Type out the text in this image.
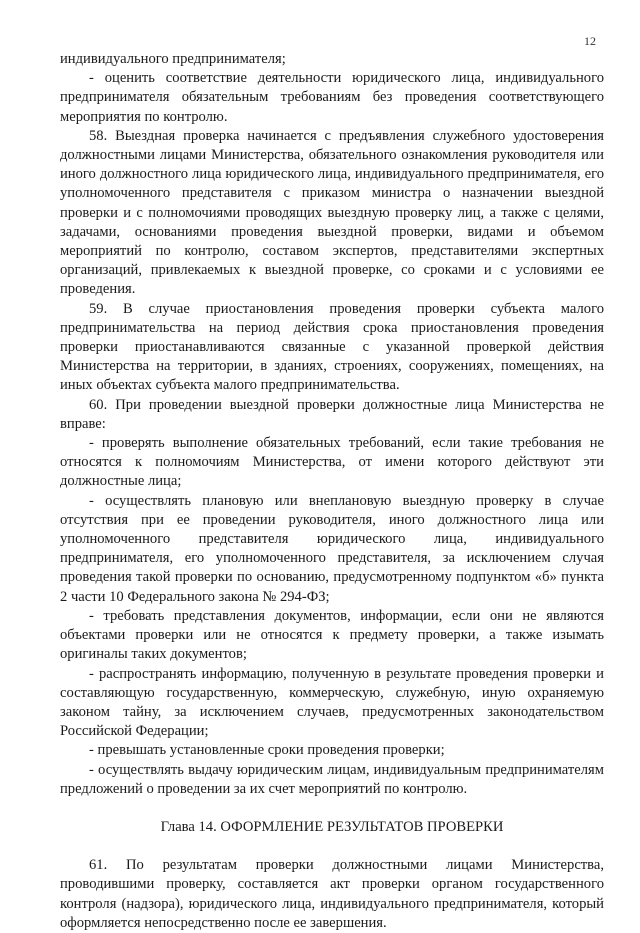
12

индивидуального предпринимателя;

- оценить соответствие деятельности юридического лица, индивидуального предпринимателя обязательным требованиям без проведения соответствующего мероприятия по контролю.

58. Выездная проверка начинается с предъявления служебного удостоверения должностными лицами Министерства, обязательного ознакомления руководителя или иного должностного лица юридического лица, индивидуального предпринимателя, его уполномоченного представителя с приказом министра о назначении выездной проверки и с полномочиями проводящих выездную проверку лиц, а также с целями, задачами, основаниями проведения выездной проверки, видами и объемом мероприятий по контролю, составом экспертов, представителями экспертных организаций, привлекаемых к выездной проверке, со сроками и с условиями ее проведения.

59. В случае приостановления проведения проверки субъекта малого предпринимательства на период действия срока приостановления проведения проверки приостанавливаются связанные с указанной проверкой действия Министерства на территории, в зданиях, строениях, сооружениях, помещениях, на иных объектах субъекта малого предпринимательства.

60. При проведении выездной проверки должностные лица Министерства не вправе:

- проверять выполнение обязательных требований, если такие требования не относятся к полномочиям Министерства, от имени которого действуют эти должностные лица;

- осуществлять плановую или внеплановую выездную проверку в случае отсутствия при ее проведении руководителя, иного должностного лица или уполномоченного представителя юридического лица, индивидуального предпринимателя, его уполномоченного представителя, за исключением случая проведения такой проверки по основанию, предусмотренному подпунктом «б» пункта 2 части 10 Федерального закона № 294-ФЗ;

- требовать представления документов, информации, если они не являются объектами проверки или не относятся к предмету проверки, а также изымать оригиналы таких документов;

- распространять информацию, полученную в результате проведения проверки и составляющую государственную, коммерческую, служебную, иную охраняемую законом тайну, за исключением случаев, предусмотренных законодательством Российской Федерации;

- превышать установленные сроки проведения проверки;

- осуществлять выдачу юридическим лицам, индивидуальным предпринимателям предложений о проведении за их счет мероприятий по контролю.

Глава 14. ОФОРМЛЕНИЕ РЕЗУЛЬТАТОВ ПРОВЕРКИ

61. По результатам проверки должностными лицами Министерства, проводившими проверку, составляется акт проверки органом государственного контроля (надзора), юридического лица, индивидуального предпринимателя, который оформляется непосредственно после ее завершения.
